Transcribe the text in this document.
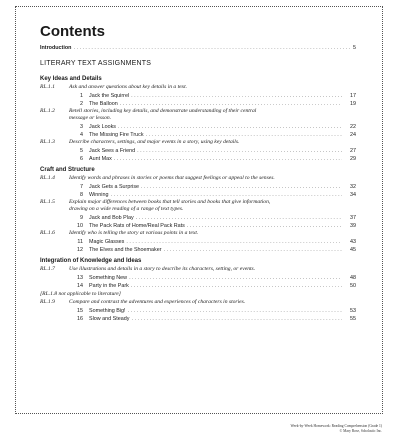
Contents
Introduction . . .	5
LITERARY TEXT ASSIGNMENTS
Key Ideas and Details
RL.1.1	Ask and answer questions about key details in a text.
1 Jack the Squirrel . . .	17
2 The Balloon . . .	19
RL.1.2	Retell stories, including key details, and demonstrate understanding of their central message or lesson.
3 Jack Looks . . .	22
4 The Missing Fire Truck . . .	24
RL.1.3	Describe characters, settings, and major events in a story, using key details.
5 Jack Sees a Friend . . .	27
6 Aunt Max . . .	29
Craft and Structure
RL.1.4	Identify words and phrases in stories or poems that suggest feelings or appeal to the senses.
7 Jack Gets a Surprise . . .	32
8 Winning . . .	34
RL.1.5	Explain major differences between books that tell stories and books that give information, drawing on a wide reading of a range of text types.
9 Jack and Bob Play . . .	37
10 The Pack Rats of Home/Real Pack Rats . . .	39
RL.1.6	Identify who is telling the story at various points in a text.
11 Magic Glasses . . .	43
12 The Elves and the Shoemaker . . .	45
Integration of Knowledge and Ideas
RL.1.7	Use illustrations and details in a story to describe its characters, setting, or events.
13 Something New . . .	48
14 Party in the Park . . .	50
[RL.1.8 not applicable to literature]
RL.1.9	Compare and contrast the adventures and experiences of characters in stories.
15 Something Big! . . .	53
16 Slow and Steady . . .	55
Week-by-Week Homework: Reading Comprehension (Grade 1)
© Mary Rose, Scholastic Inc.
